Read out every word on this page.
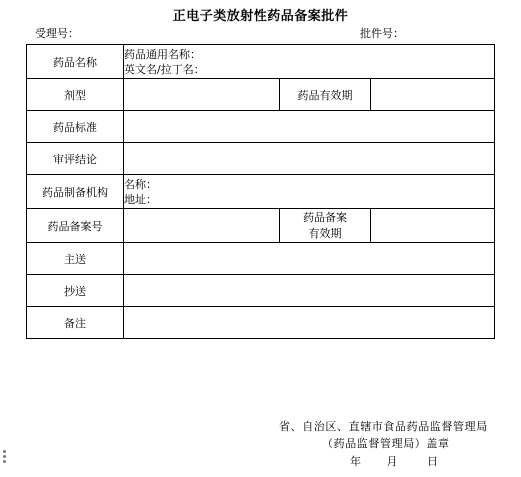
正电子类放射性药品备案批件
受理号：	批件号：
药品名称	药品通用名称：
英文名/拉丁名：		

剂型		药品有效期	
药品标准			
审评结论			
药品制备机构	名称：
地址：		

药品备案号		药品备案
有效期	

主送			
抄送			
备注			
省、自治区、直辖市食品药品监督管理局
（药品监督管理局）盖章
年 月	日
